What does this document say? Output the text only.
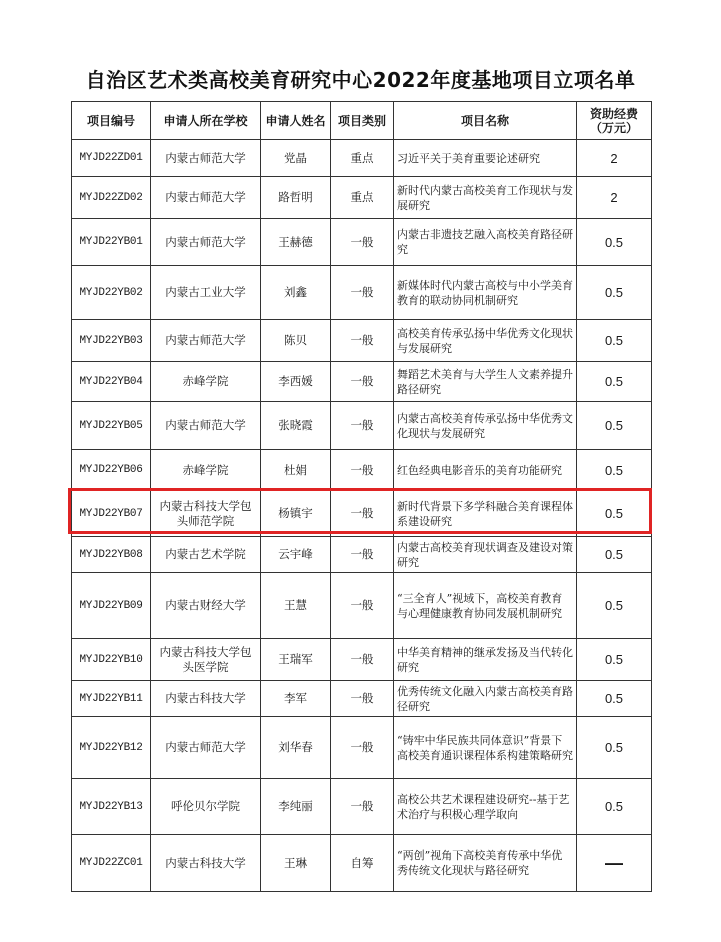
自治区艺术类高校美育研究中心2022年度基地项目立项名单
项目编号	申请人所在学校	申请人姓名	项目类别	项目名称	资助经费
（万元）
MYJD22ZD01	内蒙古师范大学	党晶	重点	习近平关于美育重要论述研究	2
MYJD22ZD02	内蒙古师范大学	路哲明	重点	新时代内蒙古高校美育工作现状与发展研究	2
MYJD22YB01	内蒙古师范大学	王赫德	一般	内蒙古非遗技艺融入高校美育路径研究	0.5
MYJD22YB02	内蒙古工业大学	刘鑫	一般	新媒体时代内蒙古高校与中小学美育教育的联动协同机制研究	0.5
MYJD22YB03	内蒙古师范大学	陈贝	一般	高校美育传承弘扬中华优秀文化现状与发展研究	0.5
MYJD22YB04	赤峰学院	李西媛	一般	舞蹈艺术美育与大学生人文素养提升路径研究	0.5
MYJD22YB05	内蒙古师范大学	张晓霞	一般	内蒙古高校美育传承弘扬中华优秀文化现状与发展研究	0.5
MYJD22YB06	赤峰学院	杜娟	一般	红色经典电影音乐的美育功能研究	0.5
MYJD22YB07	内蒙古科技大学包头师范学院	杨镇宇	一般	新时代背景下多学科融合美育课程体系建设研究	0.5
MYJD22YB08	内蒙古艺术学院	云宇峰	一般	内蒙古高校美育现状调查及建设对策研究	0.5
MYJD22YB09	内蒙古财经大学	王慧	一般	“三全育人”视域下，高校美育教育与心理健康教育协同发展机制研究	0.5
MYJD22YB10	内蒙古科技大学包头医学院	王瑞军	一般	中华美育精神的继承发扬及当代转化研究	0.5
MYJD22YB11	内蒙古科技大学	李军	一般	优秀传统文化融入内蒙古高校美育路径研究	0.5
MYJD22YB12	内蒙古师范大学	刘华春	一般	“铸牢中华民族共同体意识”背景下高校美育通识课程体系构建策略研究	0.5
MYJD22YB13	呼伦贝尔学院	李纯丽	一般	高校公共艺术课程建设研究--基于艺术治疗与积极心理学取向	0.5
MYJD22ZC01	内蒙古科技大学	王琳	自筹	“两创”视角下高校美育传承中华优秀传统文化现状与路径研究	—
